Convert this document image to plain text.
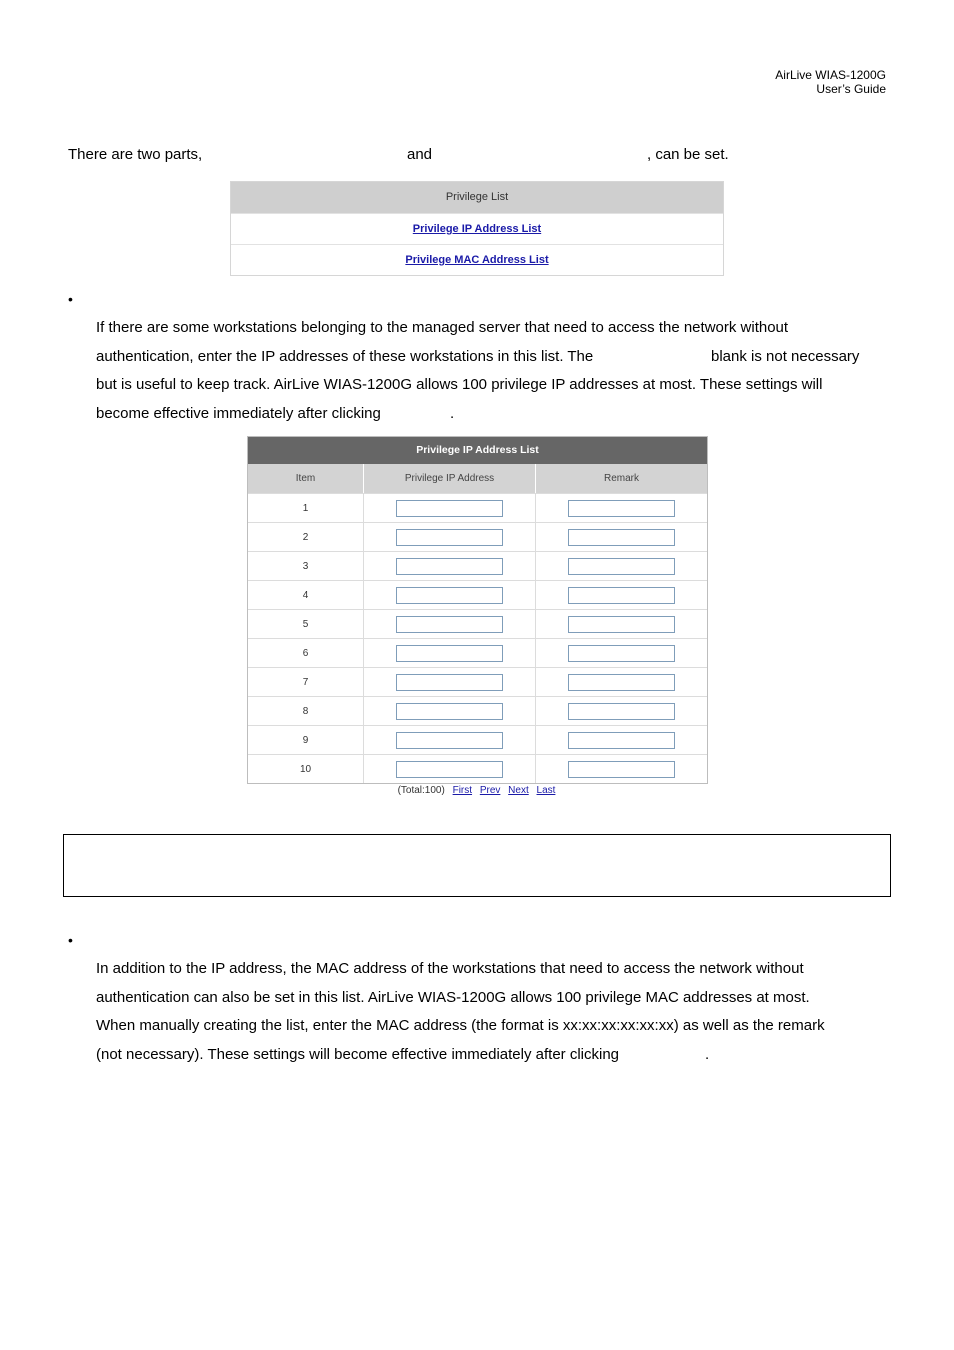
AirLive WIAS-1200G
User’s Guide
There are two parts,	and	, can be set.
Privilege List
Privilege IP Address List
Privilege MAC Address List
•
If there are some workstations belonging to the managed server that need to access the network without
authentication, enter the IP addresses of these workstations in this list. The	blank is not necessary
but is useful to keep track. AirLive WIAS-1200G allows 100 privilege IP addresses at most. These settings will
become effective immediately after clicking	.
Privilege IP Address List
Item	Privilege IP Address	Remark
1
2
3
4
5
6
7
8
9
10
(Total:100) First Prev Next Last
•
In addition to the IP address, the MAC address of the workstations that need to access the network without
authentication can also be set in this list. AirLive WIAS-1200G allows 100 privilege MAC addresses at most.
When manually creating the list, enter the MAC address (the format is xx:xx:xx:xx:xx:xx) as well as the remark
(not necessary). These settings will become effective immediately after clicking	.
